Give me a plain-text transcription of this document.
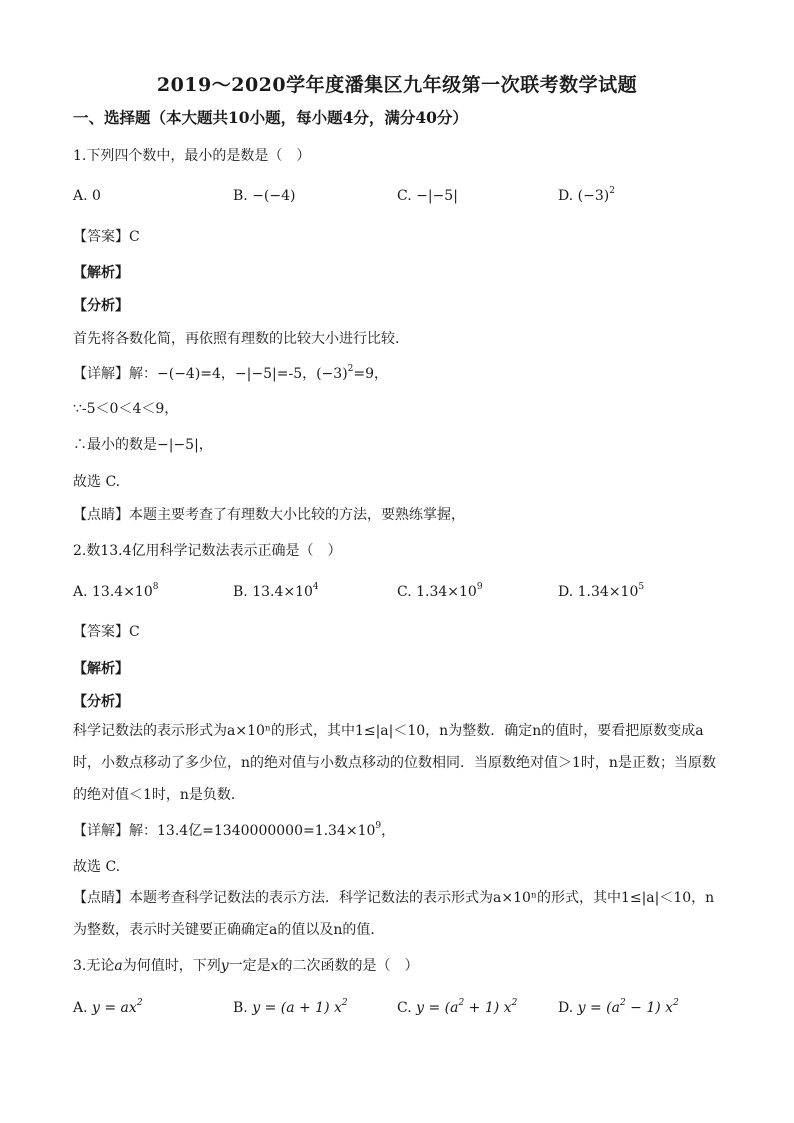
2019～2020学年度潘集区九年级第一次联考数学试题
一、选择题（本大题共10小题，每小题4分，满分40分）
1.下列四个数中，最小的是数是（　）
A. 0	B. −(−4)	C. −|−5|	D. $(-3)^2$
【答案】C
【解析】
【分析】
首先将各数化简，再依照有理数的比较大小进行比较.
【详解】解：−(−4)=4，−|−5|=-5，$(-3)^2=9$，
∵-5＜0＜4＜9，
∴最小的数是−|−5|，
故选 C.
【点睛】本题主要考查了有理数大小比较的方法，要熟练掌握，
2.数13.4亿用科学记数法表示正确是（　）
A. $13.4\times 10^8$	B. $13.4\times 10^4$	C. $1.34\times 10^9$	D. $1.34\times 10^5$
【答案】C
【解析】
【分析】
科学记数法的表示形式为a×10ⁿ的形式，其中1≤|a|＜10，n为整数．确定n的值时，要看把原数变成a时，小数点移动了多少位，n的绝对值与小数点移动的位数相同．当原数绝对值＞1时，n是正数；当原数的绝对值＜1时，n是负数．
【详解】解：13.4亿$=1340000000=1.34\times 10^9$，
故选 C.
【点睛】本题考查科学记数法的表示方法．科学记数法的表示形式为a×10ⁿ的形式，其中1≤|a|＜10，n为整数，表示时关键要正确确定a的值以及n的值．
3.无论a为何值时，下列y一定是x的二次函数的是（　）
A. $y = ax^2$	B. y = (a + 1) $x^2$	C. $y = (a^2 + 1)$ $x^2$	D. $y = (a^2 - 1)$ $x^2$
